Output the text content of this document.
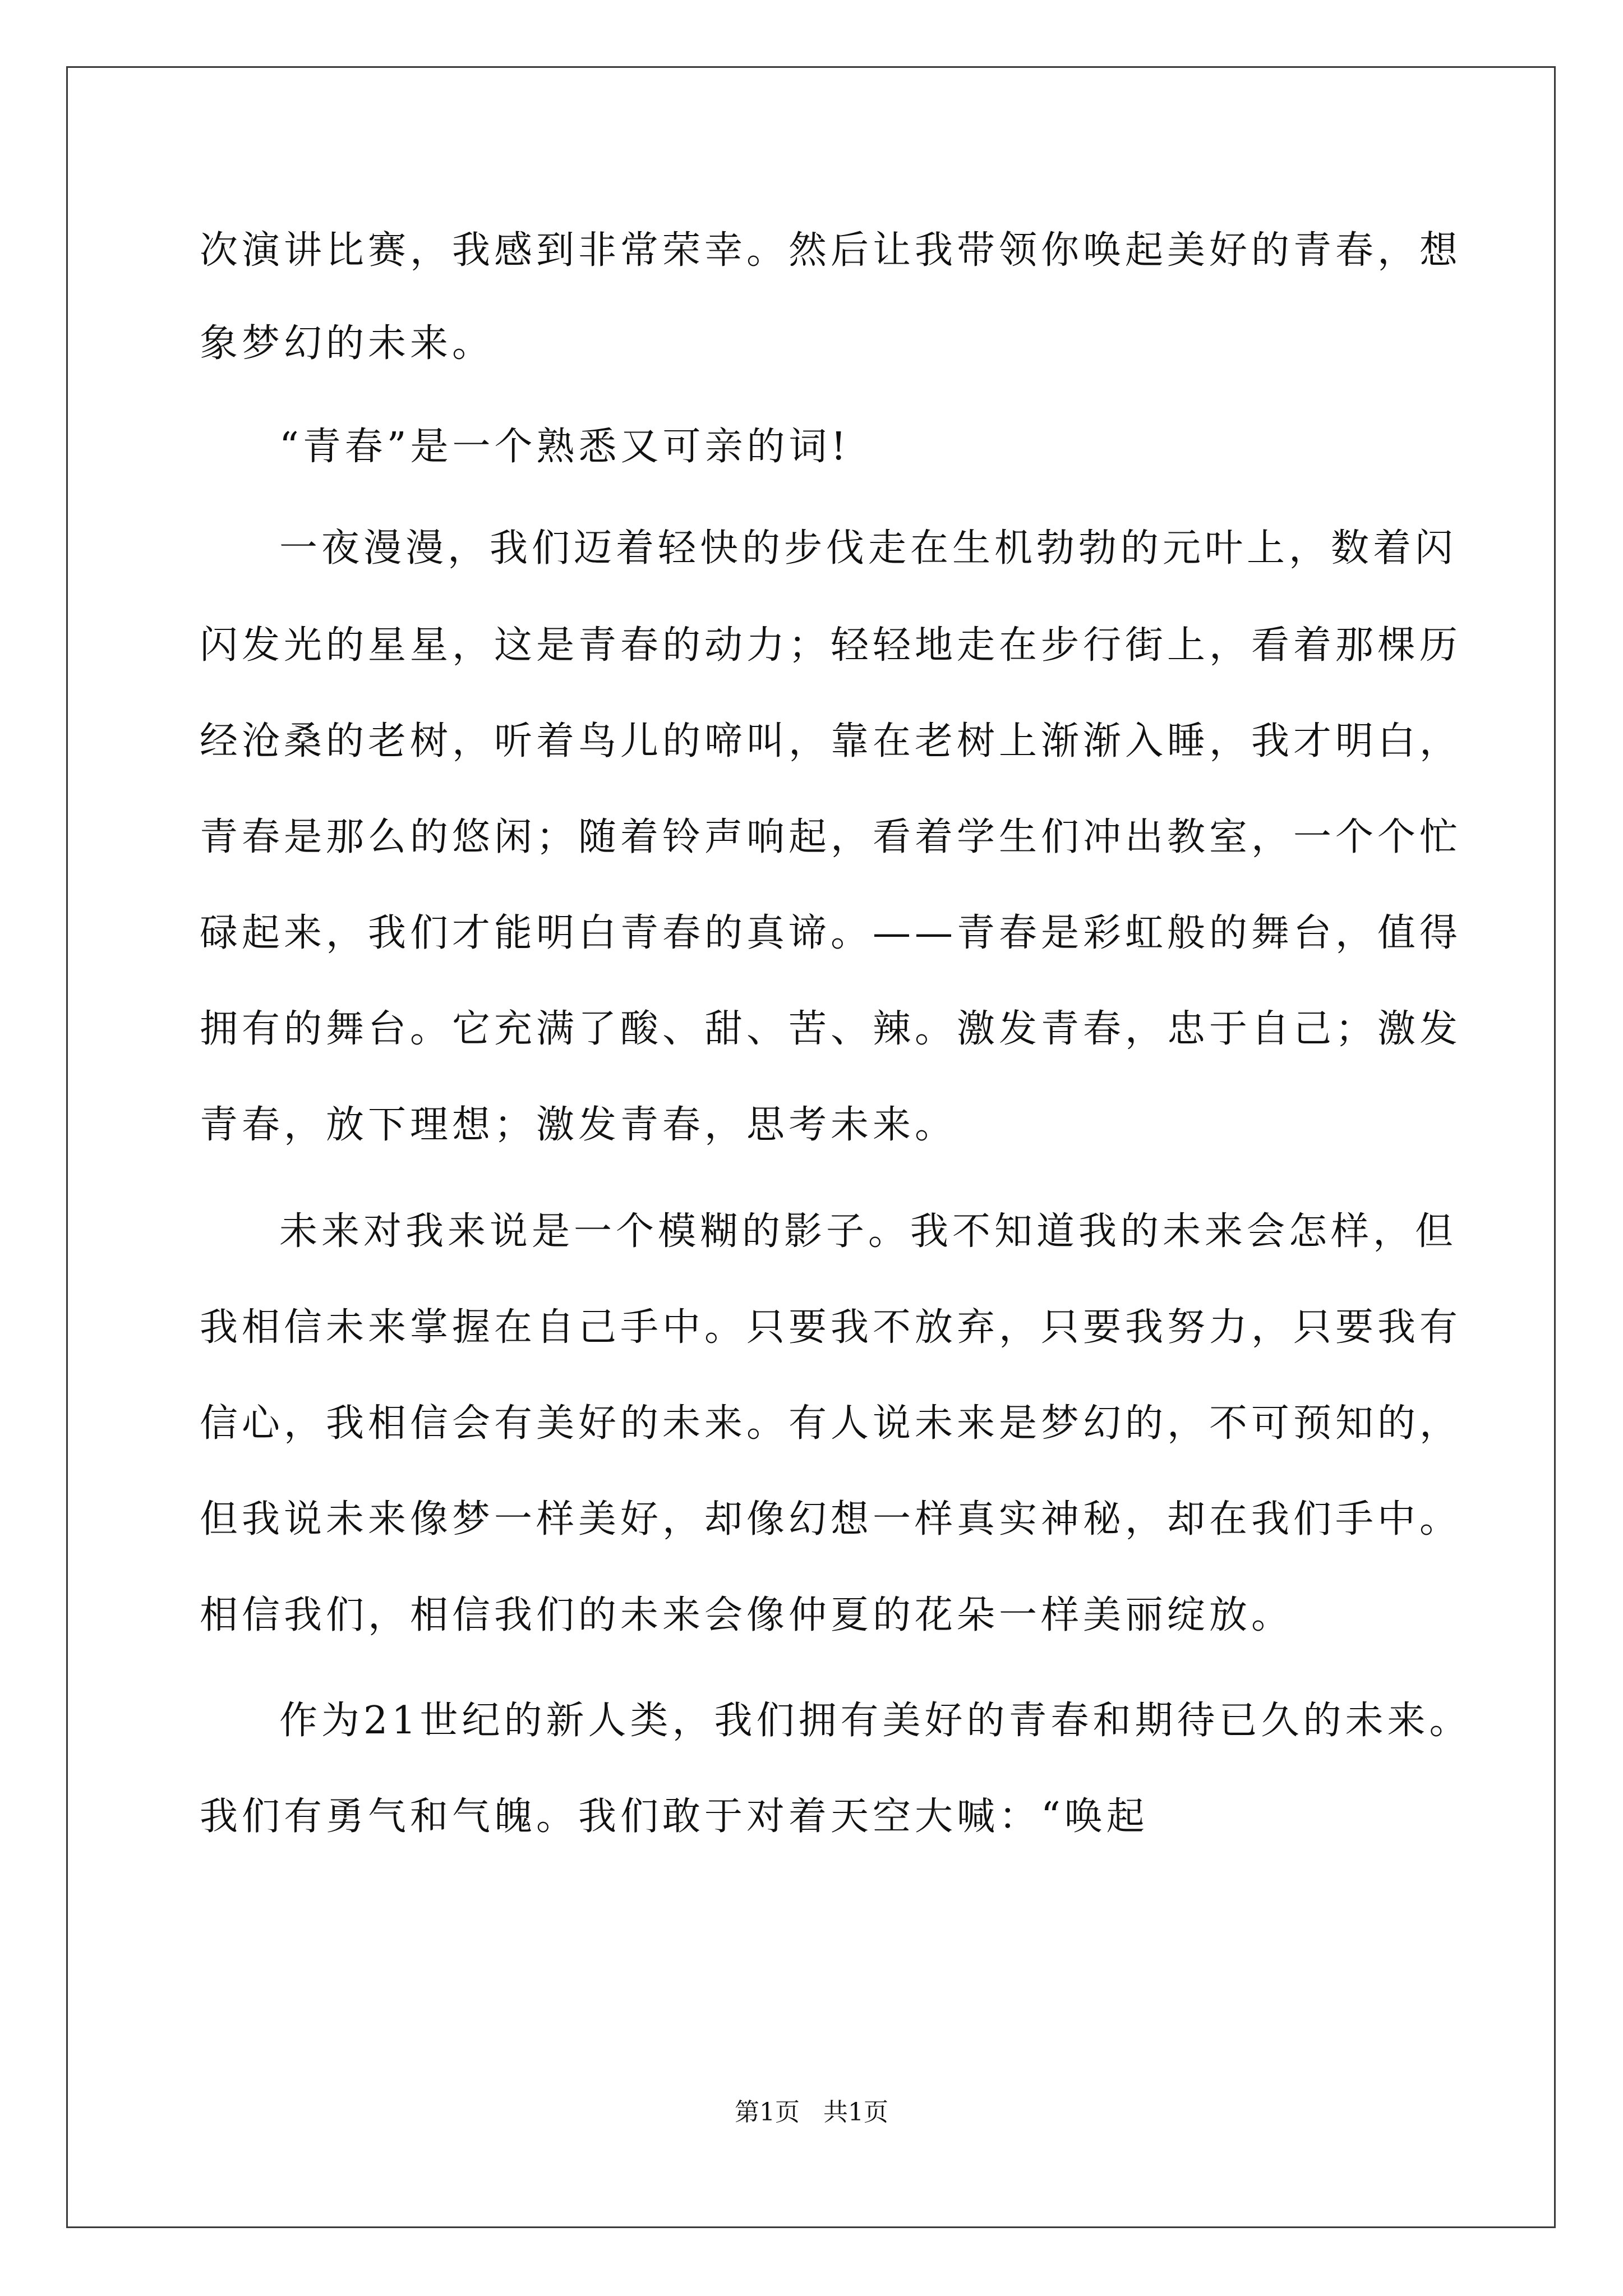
次演讲比赛，我感到非常荣幸。然后让我带领你唤起美好的青春，想
象梦幻的未来。
“青春”是一个熟悉又可亲的词!
一夜漫漫，我们迈着轻快的步伐走在生机勃勃的元叶上，数着闪
闪发光的星星，这是青春的动力；轻轻地走在步行街上，看着那棵历
经沧桑的老树，听着鸟儿的啼叫，靠在老树上渐渐入睡，我才明白，
青春是那么的悠闲；随着铃声响起，看着学生们冲出教室，一个个忙
碌起来，我们才能明白青春的真谛。——青春是彩虹般的舞台，值得
拥有的舞台。它充满了酸、甜、苦、辣。激发青春，忠于自己；激发
青春，放下理想；激发青春，思考未来。
未来对我来说是一个模糊的影子。我不知道我的未来会怎样，但
我相信未来掌握在自己手中。只要我不放弃，只要我努力，只要我有
信心，我相信会有美好的未来。有人说未来是梦幻的，不可预知的，
但我说未来像梦一样美好，却像幻想一样真实神秘，却在我们手中。
相信我们，相信我们的未来会像仲夏的花朵一样美丽绽放。
作为21世纪的新人类，我们拥有美好的青春和期待已久的未来。
我们有勇气和气魄。我们敢于对着天空大喊：“唤起
第1页   共1页
